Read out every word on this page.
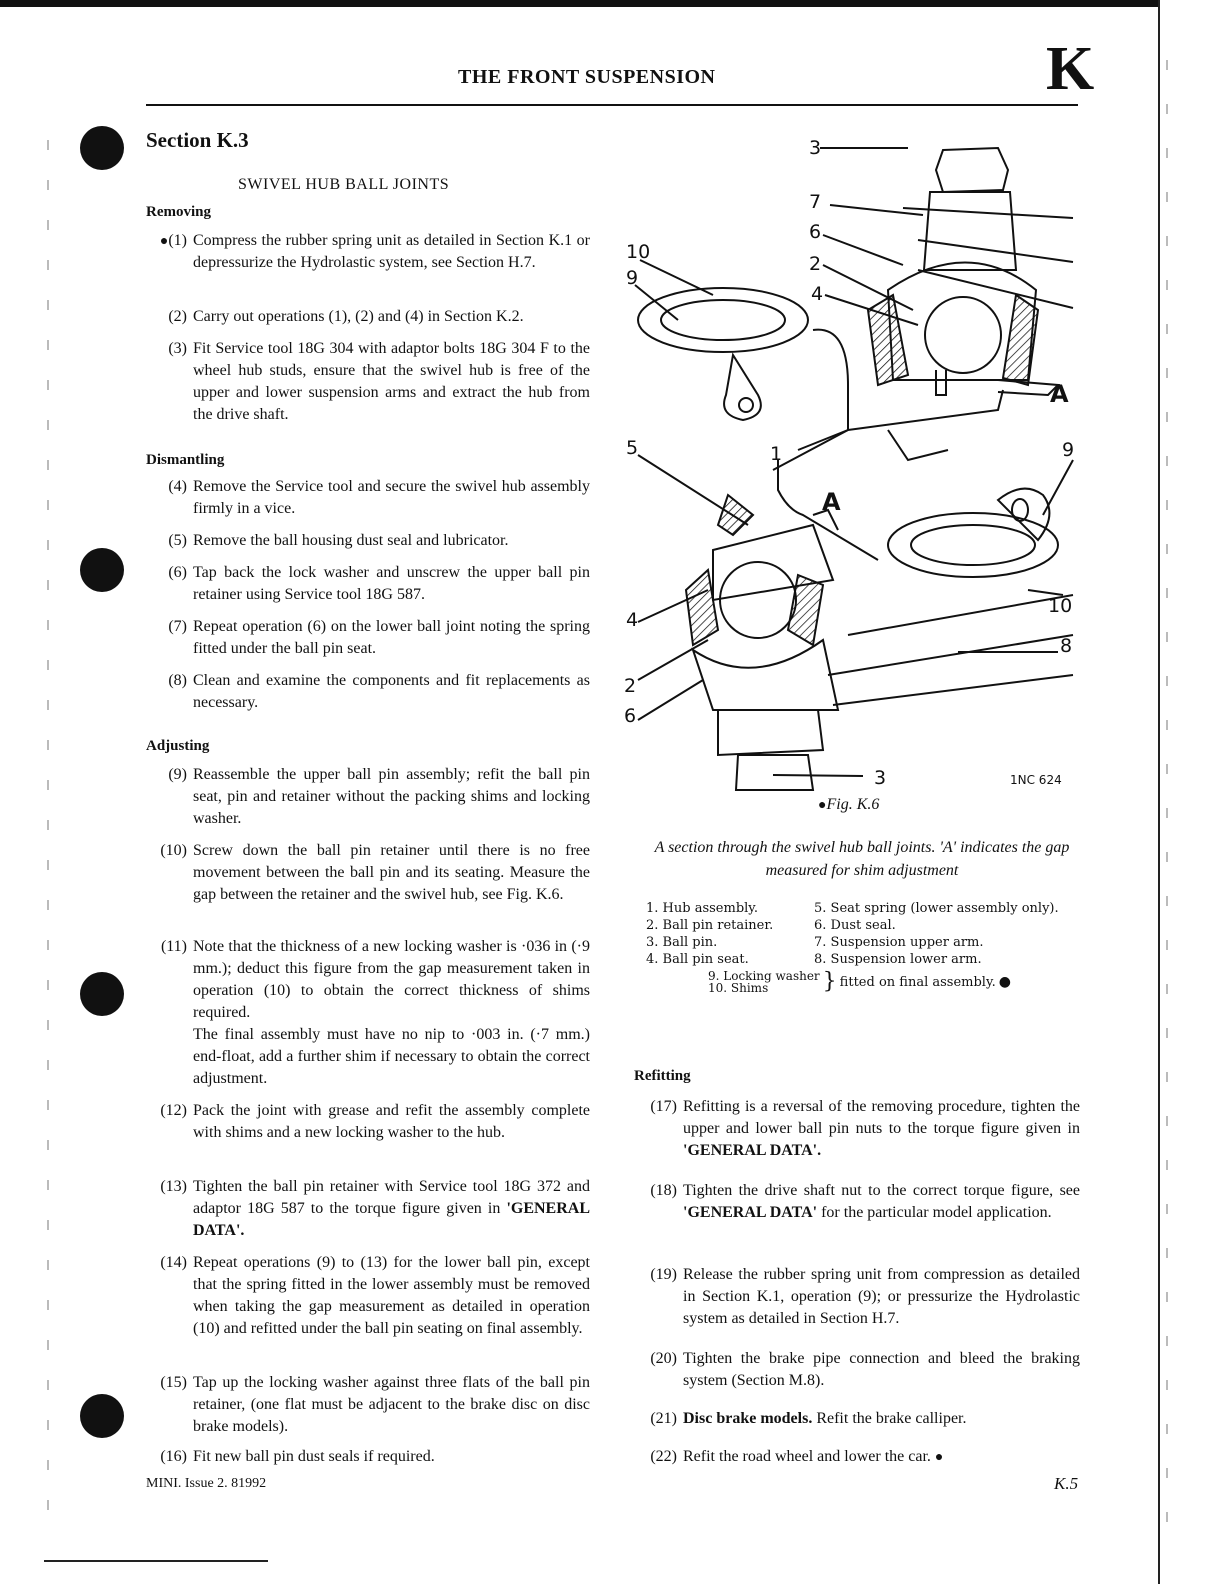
THE FRONT SUSPENSION	K
Section K.3
SWIVEL HUB BALL JOINTS
Removing
●(1) Compress the rubber spring unit as detailed in Section K.1 or depressurize the Hydrolastic system, see Section H.7.
(2) Carry out operations (1), (2) and (4) in Section K.2.
(3) Fit Service tool 18G 304 with adaptor bolts 18G 304 F to the wheel hub studs, ensure that the swivel hub is free of the upper and lower suspension arms and extract the hub from the drive shaft.
Dismantling
(4) Remove the Service tool and secure the swivel hub assembly firmly in a vice.
(5) Remove the ball housing dust seal and lubricator.
(6) Tap back the lock washer and unscrew the upper ball pin retainer using Service tool 18G 587.
(7) Repeat operation (6) on the lower ball joint noting the spring fitted under the ball pin seat.
(8) Clean and examine the components and fit replacements as necessary.
Adjusting
(9) Reassemble the upper ball pin assembly; refit the ball pin seat, pin and retainer without the packing shims and locking washer.
(10) Screw down the ball pin retainer until there is no free movement between the ball pin and its seating. Measure the gap between the retainer and the swivel hub, see Fig. K.6.
(11) Note that the thickness of a new locking washer is ·036 in (·9 mm.); deduct this figure from the gap measurement taken in operation (10) to obtain the correct thickness of shims required.
The final assembly must have no nip to ·003 in. (·7 mm.) end-float, add a further shim if necessary to obtain the correct adjustment.
(12) Pack the joint with grease and refit the assembly complete with shims and a new locking washer to the hub.
(13) Tighten the ball pin retainer with Service tool 18G 372 and adaptor 18G 587 to the torque figure given in 'GENERAL DATA'.
(14) Repeat operations (9) to (13) for the lower ball pin, except that the spring fitted in the lower assembly must be removed when taking the gap measurement as detailed in operation (10) and refitted under the ball pin seating on final assembly.
(15) Tap up the locking washer against three flats of the ball pin retainer, (one flat must be adjacent to the brake disc on disc brake models).
(16) Fit new ball pin dust seals if required.
3
7
6
2
4
10
9
A
5	1
A
9
10
8
4
2
6
3	1NC 624
●Fig. K.6
A section through the swivel hub ball joints. 'A' indicates the gap measured for shim adjustment
1. Hub assembly.	5. Seat spring (lower assembly only).
2. Ball pin retainer.	6. Dust seal.
3. Ball pin.	7. Suspension upper arm.
4. Ball pin seat.	8. Suspension lower arm.
9. Locking washer
10. Shims	} fitted on final assembly. ●
Refitting
(17) Refitting is a reversal of the removing procedure, tighten the upper and lower ball pin nuts to the torque figure given in 'GENERAL DATA'.
(18) Tighten the drive shaft nut to the correct torque figure, see 'GENERAL DATA' for the particular model application.
(19) Release the rubber spring unit from compression as detailed in Section K.1, operation (9); or pressurize the Hydrolastic system as detailed in Section H.7.
(20) Tighten the brake pipe connection and bleed the braking system (Section M.8).
(21) Disc brake models. Refit the brake calliper.
(22) Refit the road wheel and lower the car. ●
MINI. Issue 2. 81992	K.5
